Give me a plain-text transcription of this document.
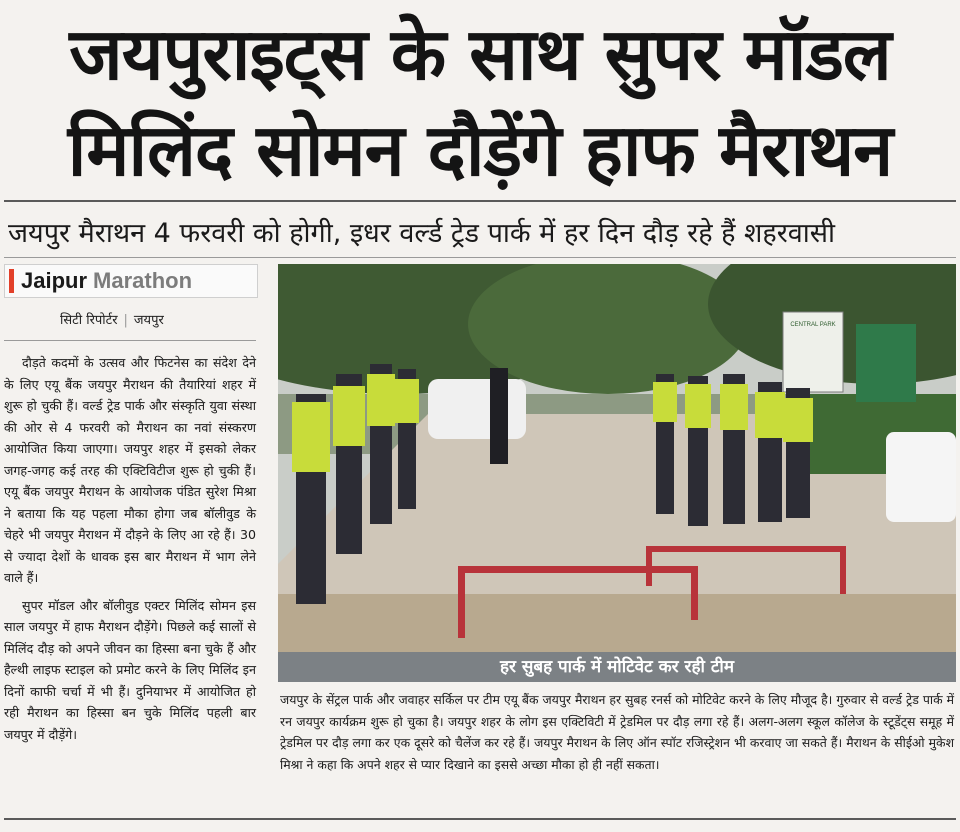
जयपुराइट्स के साथ सुपर मॉडल
मिलिंद सोमन दौड़ेंगे हाफ मैराथन
जयपुर मैराथन 4 फरवरी को होगी, इधर वर्ल्ड ट्रेड पार्क में हर दिन दौड़ रहे हैं शहरवासी
Jaipur Marathon
सिटी रिपोर्टर | जयपुर

दौड़ते कदमों के उत्सव और फिटनेस का संदेश देने के लिए एयू बैंक जयपुर मैराथन की तैयारियां शहर में शुरू हो चुकी हैं। वर्ल्ड ट्रेड पार्क और संस्कृति युवा संस्था की ओर से 4 फरवरी को मैराथन का नवां संस्करण आयोजित किया जाएगा। जयपुर शहर में इसको लेकर जगह-जगह कई तरह की एक्टिविटीज शुरू हो चुकी हैं। एयू बैंक जयपुर मैराथन के आयोजक पंडित सुरेश मिश्रा ने बताया कि यह पहला मौका होगा जब बॉलीवुड के चेहरे भी जयपुर मैराथन में दौड़ने के लिए आ रहे हैं। 30 से ज्यादा देशों के धावक इस बार मैराथन में भाग लेने वाले हैं।

सुपर मॉडल और बॉलीवुड एक्टर मिलिंद सोमन इस साल जयपुर में हाफ मैराथन दौड़ेंगे। पिछले कई सालों से मिलिंद दौड़ को अपने जीवन का हिस्सा बना चुके हैं और हैल्थी लाइफ स्टाइल को प्रमोट करने के लिए मिलिंद इन दिनों काफी चर्चा में भी हैं। दुनियाभर में आयोजित हो रही मैराथन का हिस्सा बन चुके मिलिंद पहली बार जयपुर में दौड़ेंगे।

CENTRAL PARK
हर सुबह पार्क में मोटिवेट कर रही टीम

जयपुर के सेंट्रल पार्क और जवाहर सर्किल पर टीम एयू बैंक जयपुर मैराथन हर सुबह रनर्स को मोटिवेट करने के लिए मौजूद है। गुरुवार से वर्ल्ड ट्रेड पार्क में रन जयपुर कार्यक्रम शुरू हो चुका है। जयपुर शहर के लोग इस एक्टिविटी में ट्रेडमिल पर दौड़ लगा रहे हैं। अलग-अलग स्कूल कॉलेज के स्टूडेंट्स समूह में ट्रेडमिल पर दौड़ लगा कर एक दूसरे को चैलेंज कर रहे हैं। जयपुर मैराथन के लिए ऑन स्पॉट रजिस्ट्रेशन भी करवाए जा सकते हैं। मैराथन के सीईओ मुकेश मिश्रा ने कहा कि अपने शहर से प्यार दिखाने का इससे अच्छा मौका हो ही नहीं सकता।
